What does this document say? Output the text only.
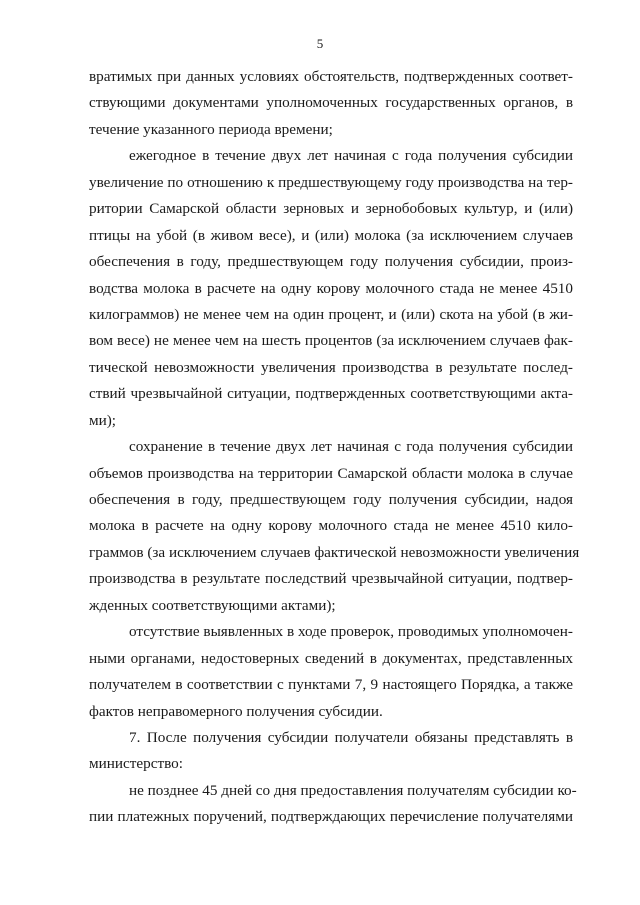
5
вратимых при данных условиях обстоятельств, подтвержденных соответ-
ствующими документами уполномоченных государственных органов, в
течение указанного периода времени;
ежегодное в течение двух лет начиная с года получения субсидии
увеличение по отношению к предшествующему году производства на тер-
ритории Самарской области зерновых и зернобобовых культур, и (или)
птицы на убой (в живом весе), и (или) молока (за исключением случаев
обеспечения в году, предшествующем году получения субсидии, произ-
водства молока в расчете на одну корову молочного стада не менее 4510
килограммов) не менее чем на один процент, и (или) скота на убой (в жи-
вом весе) не менее чем на шесть процентов (за исключением случаев фак-
тической невозможности увеличения производства в результате послед-
ствий чрезвычайной ситуации, подтвержденных соответствующими акта-
ми);
сохранение в течение двух лет начиная с года получения субсидии
объемов производства на территории Самарской области молока в случае
обеспечения в году, предшествующем году получения субсидии, надоя
молока в расчете на одну корову молочного стада не менее 4510 кило-
граммов (за исключением случаев фактической невозможности увеличения
производства в результате последствий чрезвычайной ситуации, подтвер-
жденных соответствующими актами);
отсутствие выявленных в ходе проверок, проводимых уполномочен-
ными органами, недостоверных сведений в документах, представленных
получателем в соответствии с пунктами 7, 9 настоящего Порядка, а также
фактов неправомерного получения субсидии.
7. После получения субсидии получатели обязаны представлять в
министерство:
не позднее 45 дней со дня предоставления получателям субсидии ко-
пии платежных поручений, подтверждающих перечисление получателями
